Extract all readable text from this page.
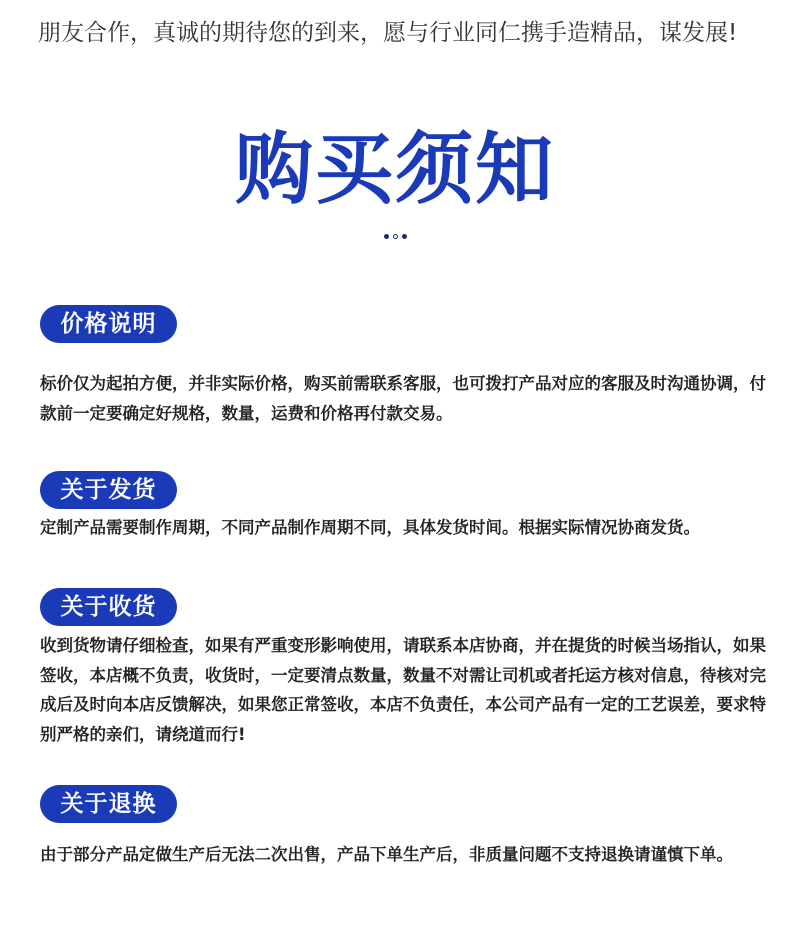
朋友合作，真诚的期待您的到来，愿与行业同仁携手造精品，谋发展!

购买须知
价格说明

标价仅为起拍方便，并非实际价格，购买前需联系客服，也可拨打产品对应的客服及时沟通协调，付款前一定要确定好规格，数量，运费和价格再付款交易。

关于发货

定制产品需要制作周期，不同产品制作周期不同，具体发货时间。根据实际情况协商发货。

关于收货

收到货物请仔细检查，如果有严重变形影响使用，请联系本店协商，并在提货的时候当场指认，如果签收，本店概不负责，收货时，一定要清点数量，数量不对需让司机或者托运方核对信息，待核对完成后及时向本店反馈解决，如果您正常签收，本店不负责任，本公司产品有一定的工艺误差，要求特别严格的亲们，请绕道而行!

关于退换

由于部分产品定做生产后无法二次出售，产品下单生产后，非质量问题不支持退换请谨慎下单。
